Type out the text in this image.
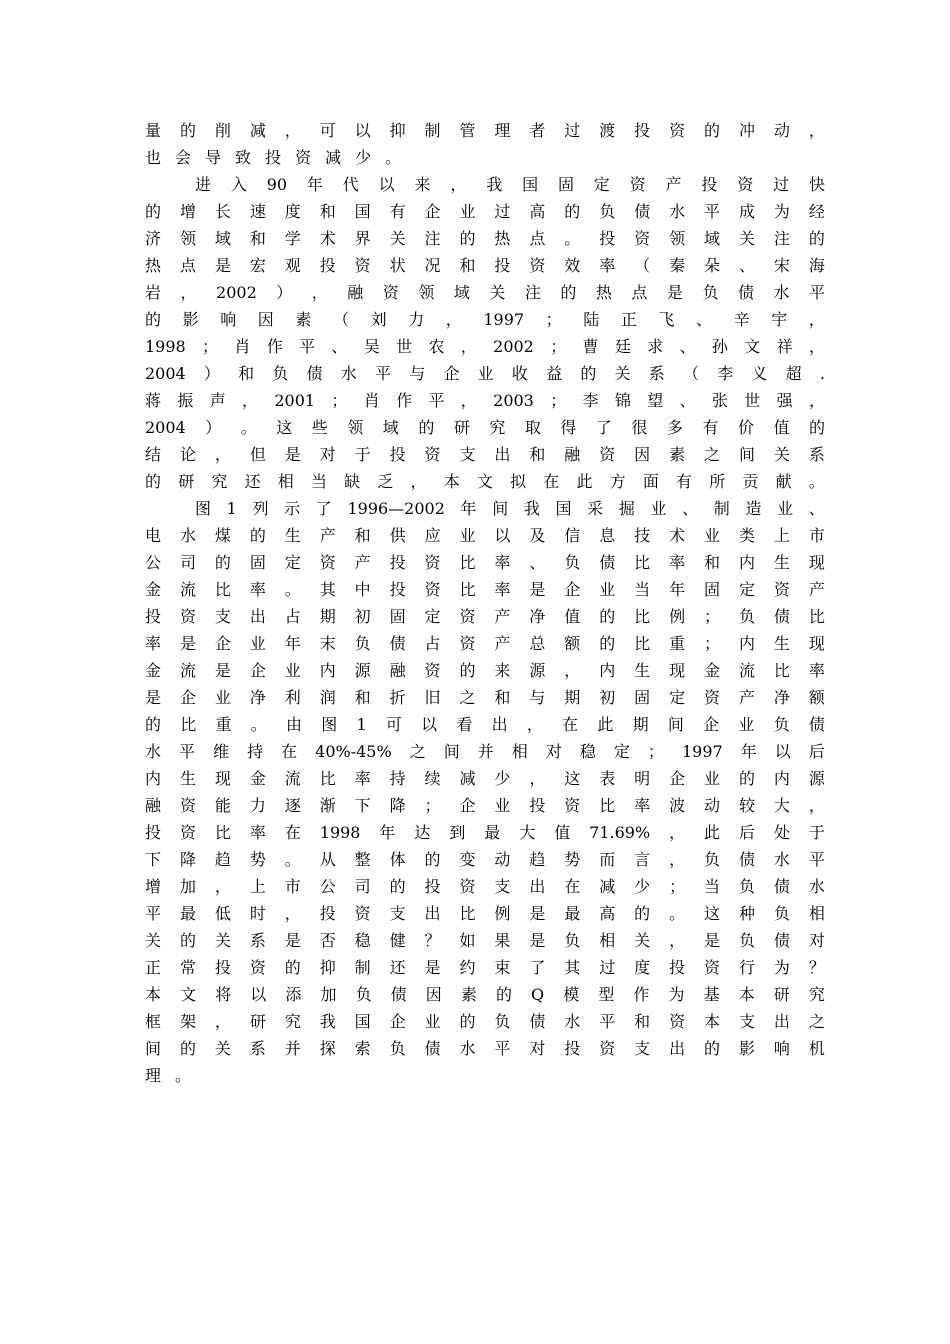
量 的 削 减 ， 可 以 抑 制 管 理 者 过 渡 投 资 的 冲 动 ，
也 会 导 致 投 资 减 少 。
进 入 90 年 代 以 来 ， 我 国 固 定 资 产 投 资 过 快
的 增 长 速 度 和 国 有 企 业 过 高 的 负 债 水 平 成 为 经
济 领 域 和 学 术 界 关 注 的 热 点 。 投 资 领 域 关 注 的
热 点 是 宏 观 投 资 状 况 和 投 资 效 率 （ 秦 朵 、 宋 海
岩 ， 2002 ） ， 融 资 领 域 关 注 的 热 点 是 负 债 水 平
的 影 响 因 素 （ 刘 力 ， 1997 ； 陆 正 飞 、 辛 宇 ，
1998 ； 肖 作 平 、 吴 世 农 ， 2002 ； 曹 廷 求 、 孙 文 祥 ，
2004 ） 和 负 债 水 平 与 企 业 收 益 的 关 系 （ 李 义 超 .
蒋 振 声 ， 2001 ； 肖 作 平 ， 2003 ； 李 锦 望 、 张 世 强 ，
2004 ） 。 这 些 领 域 的 研 究 取 得 了 很 多 有 价 值 的
结 论 ， 但 是 对 于 投 资 支 出 和 融 资 因 素 之 间 关 系
的 研 究 还 相 当 缺 乏 ， 本 文 拟 在 此 方 面 有 所 贡 献 。
图 1 列 示 了 1996—2002 年 间 我 国 采 掘 业 、 制 造 业 、
电 水 煤 的 生 产 和 供 应 业 以 及 信 息 技 术 业 类 上 市
公 司 的 固 定 资 产 投 资 比 率 、 负 债 比 率 和 内 生 现
金 流 比 率 。 其 中 投 资 比 率 是 企 业 当 年 固 定 资 产
投 资 支 出 占 期 初 固 定 资 产 净 值 的 比 例 ； 负 债 比
率 是 企 业 年 末 负 债 占 资 产 总 额 的 比 重 ； 内 生 现
金 流 是 企 业 内 源 融 资 的 来 源 ， 内 生 现 金 流 比 率
是 企 业 净 利 润 和 折 旧 之 和 与 期 初 固 定 资 产 净 额
的 比 重 。 由 图 1 可 以 看 出 ， 在 此 期 间 企 业 负 债
水 平 维 持 在 40%-45% 之 间 并 相 对 稳 定 ； 1997 年 以 后
内 生 现 金 流 比 率 持 续 减 少 ， 这 表 明 企 业 的 内 源
融 资 能 力 逐 渐 下 降 ； 企 业 投 资 比 率 波 动 较 大 ，
投 资 比 率 在 1998 年 达 到 最 大 值 71.69% ， 此 后 处 于
下 降 趋 势 。 从 整 体 的 变 动 趋 势 而 言 ， 负 债 水 平
增 加 ， 上 市 公 司 的 投 资 支 出 在 减 少 ； 当 负 债 水
平 最 低 时 ， 投 资 支 出 比 例 是 最 高 的 。 这 种 负 相
关 的 关 系 是 否 稳 健 ？ 如 果 是 负 相 关 ， 是 负 债 对
正 常 投 资 的 抑 制 还 是 约 束 了 其 过 度 投 资 行 为 ？
本 文 将 以 添 加 负 债 因 素 的 Q 模 型 作 为 基 本 研 究
框 架 ， 研 究 我 国 企 业 的 负 债 水 平 和 资 本 支 出 之
间 的 关 系 并 探 索 负 债 水 平 对 投 资 支 出 的 影 响 机
理 。
